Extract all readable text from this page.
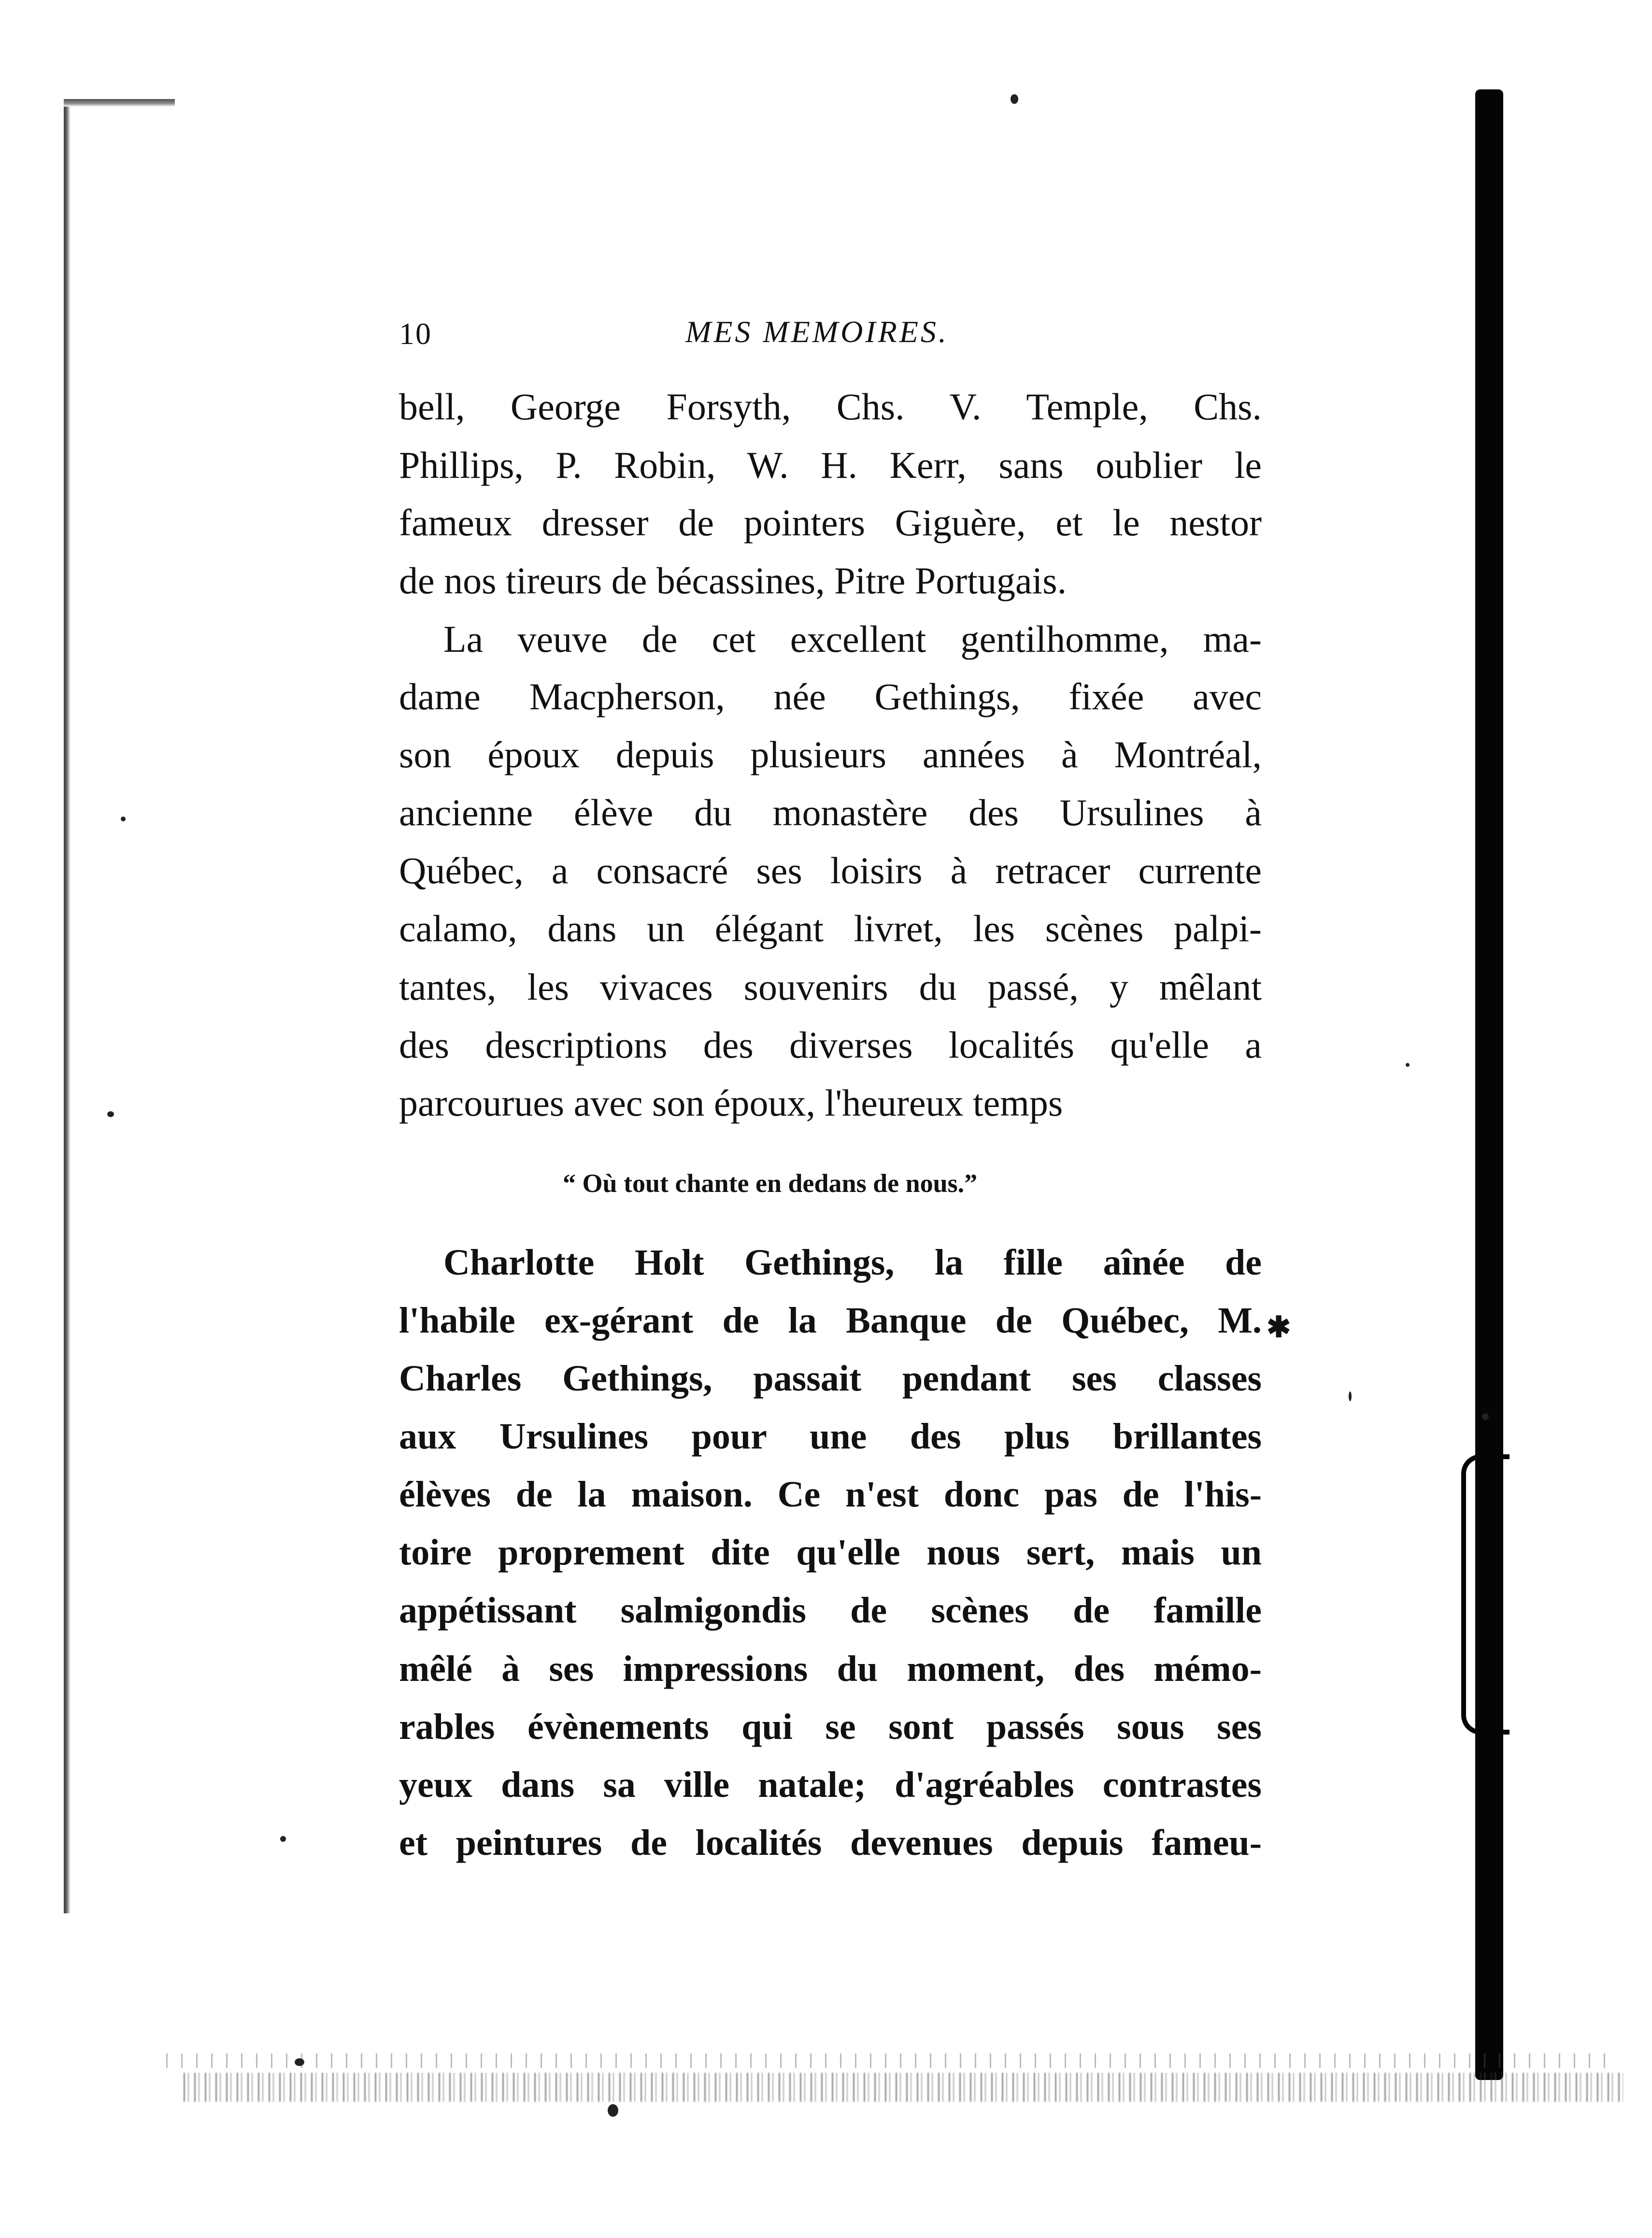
10	MES MEMOIRES.
bell, George Forsyth, Chs. V. Temple, Chs.
Phillips, P. Robin, W. H. Kerr, sans oublier le
fameux dresser de pointers Giguère, et le nestor
de nos tireurs de bécassines, Pitre Portugais.
La veuve de cet excellent gentilhomme, ma-
dame Macpherson, née Gethings, fixée avec
son époux depuis plusieurs années à Montréal,
ancienne élève du monastère des Ursulines à
Québec, a consacré ses loisirs à retracer currente
calamo, dans un élégant livret, les scènes palpi-
tantes, les vivaces souvenirs du passé, y mêlant
des descriptions des diverses localités qu'elle a
parcourues avec son époux, l'heureux temps
“ Où tout chante en dedans de nous.”
Charlotte Holt Gethings, la fille aînée de
l'habile ex-gérant de la Banque de Québec, M.
Charles Gethings, passait pendant ses classes
aux Ursulines pour une des plus brillantes
élèves de la maison. Ce n'est donc pas de l'his-
toire proprement dite qu'elle nous sert, mais un
appétissant salmigondis de scènes de famille
mêlé à ses impressions du moment, des mémo-
rables évènements qui se sont passés sous ses
yeux dans sa ville natale; d'agréables contrastes
et peintures de localités devenues depuis fameu-
✱
